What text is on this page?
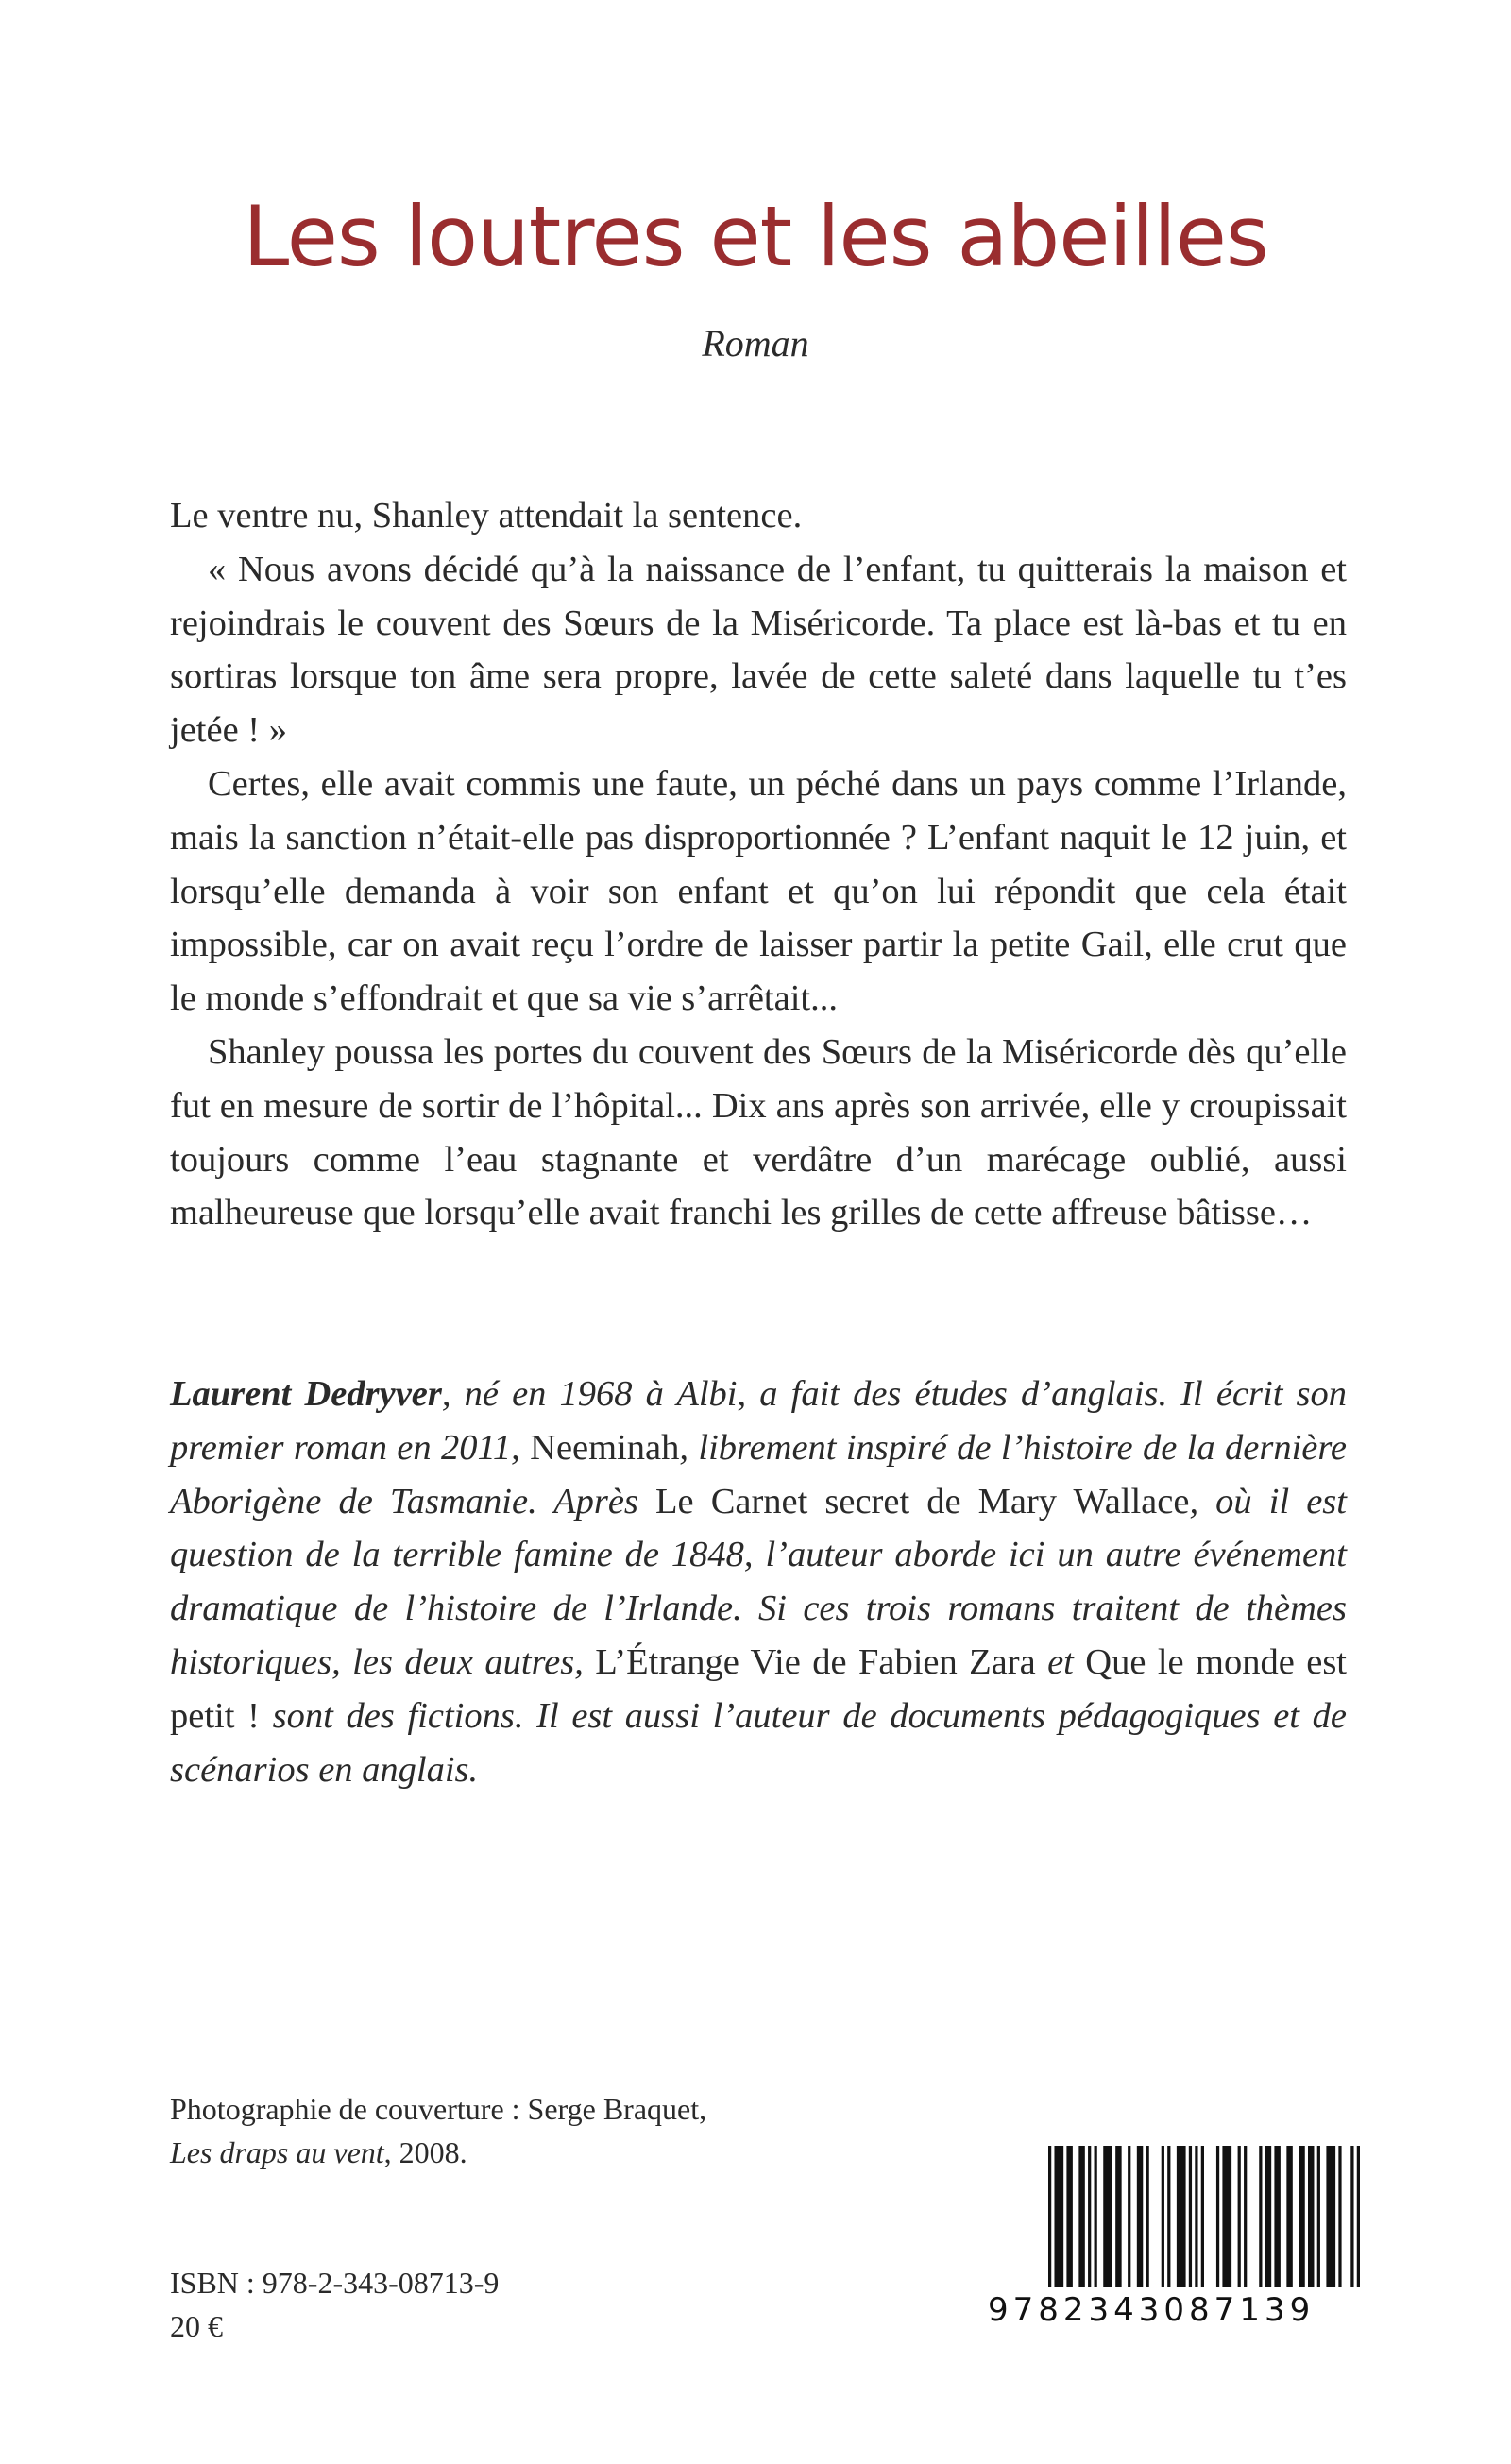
Les loutres et les abeilles
Roman

Le ventre nu, Shanley attendait la sentence.

« Nous avons décidé qu’à la naissance de l’enfant, tu quitterais la maison et rejoindrais le couvent des Sœurs de la Miséricorde. Ta place est là-bas et tu en sortiras lorsque ton âme sera propre, lavée de cette saleté dans laquelle tu t’es jetée ! »

Certes, elle avait commis une faute, un péché dans un pays comme l’Irlande, mais la sanction n’était-elle pas disproportionnée ? L’enfant naquit le 12 juin, et lorsqu’elle demanda à voir son enfant et qu’on lui répondit que cela était impossible, car on avait reçu l’ordre de laisser partir la petite Gail, elle crut que le monde s’effondrait et que sa vie s’arrêtait...

Shanley poussa les portes du couvent des Sœurs de la Miséricorde dès qu’elle fut en mesure de sortir de l’hôpital... Dix ans après son arrivée, elle y croupissait toujours comme l’eau stagnante et verdâtre d’un marécage oublié, aussi malheureuse que lorsqu’elle avait franchi les grilles de cette affreuse bâtisse…

Laurent Dedryver, né en 1968 à Albi, a fait des études d’anglais. Il écrit son premier roman en 2011, Neeminah, librement inspiré de l’histoire de la dernière Aborigène de Tasmanie. Après Le Carnet secret de Mary Wallace, où il est question de la terrible famine de 1848, l’auteur aborde ici un autre événement dramatique de l’histoire de l’Irlande. Si ces trois romans traitent de thèmes historiques, les deux autres, L’Étrange Vie de Fabien Zara et Que le monde est petit ! sont des fictions. Il est aussi l’auteur de documents pédagogiques et de scénarios en anglais.

Photographie de couverture : Serge Braquet,
Les draps au vent, 2008.
ISBN : 978-2-343-08713-9
20 €	9782343087139
